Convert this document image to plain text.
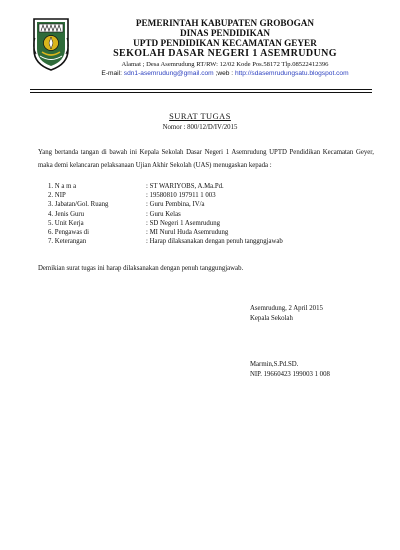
PEMERINTAH KABUPATEN GROBOGAN
DINAS PENDIDIKAN
UPTD PENDIDIKAN KECAMATAN GEYER
SEKOLAH DASAR NEGERI 1 ASEMRUDUNG
Alamat ; Desa Asemrudung RT/RW: 12/02 Kode Pos.58172 Tlp.08522412396
E-mail: sdn1-asemrudung@gmail.com ;web : http://sdasemrudungsatu.blogspot.com
SURAT TUGAS
Nomor : 800/12/D/IV/2015
Yang bertanda tangan di bawah ini Kepala Sekolah Dasar Negeri 1 Asemrudung UPTD Pendidikan Kecamatan Geyer, maka demi kelancaran pelaksanaan Ujian Akhir Sekolah (UAS) menugaskan kepada :
1. N a m a	: ST WARIYOBS, A.Ma.Pd.
2. NIP	: 19580810 197911 1 003
3. Jabatan/Gol. Ruang	: Guru Pembina, IV/a
4. Jenis Guru	: Guru Kelas
5. Unit Kerja	: SD Negeri 1 Asemrudung
6. Pengawas di	: MI Nurul Huda Asemrudung
7. Keterangan	: Harap dilaksanakan dengan penuh tanggngjawab
Demikian surat tugas ini harap dilaksanakan dengan penuh tanggungjawab.
Asemrudung, 2 April 2015
Kepala Sekolah
Marmin,S.Pd.SD.
NIP. 19660423 199003 1 008
